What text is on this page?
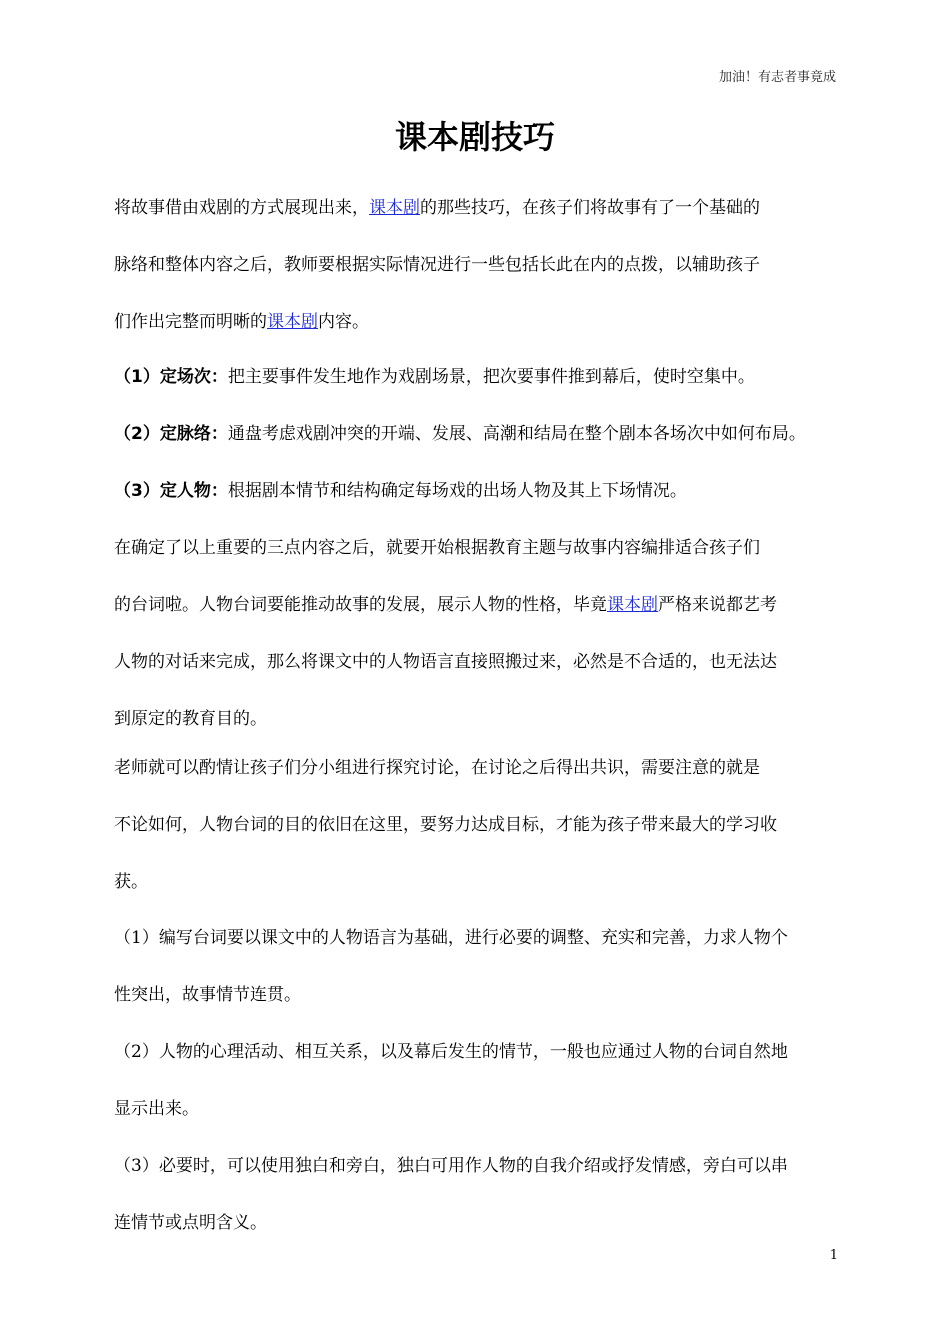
加油！有志者事竟成
课本剧技巧
将故事借由戏剧的方式展现出来，课本剧的那些技巧，在孩子们将故事有了一个基础的
脉络和整体内容之后，教师要根据实际情况进行一些包括长此在内的点拨，以辅助孩子
们作出完整而明晰的课本剧内容。
（1）定场次：把主要事件发生地作为戏剧场景，把次要事件推到幕后，使时空集中。
（2）定脉络：通盘考虑戏剧冲突的开端、发展、高潮和结局在整个剧本各场次中如何布局。
（3）定人物：根据剧本情节和结构确定每场戏的出场人物及其上下场情况。
在确定了以上重要的三点内容之后，就要开始根据教育主题与故事内容编排适合孩子们
的台词啦。人物台词要能推动故事的发展，展示人物的性格，毕竟课本剧严格来说都艺考
人物的对话来完成，那么将课文中的人物语言直接照搬过来，必然是不合适的，也无法达
到原定的教育目的。
老师就可以酌情让孩子们分小组进行探究讨论，在讨论之后得出共识，需要注意的就是
不论如何，人物台词的目的依旧在这里，要努力达成目标，才能为孩子带来最大的学习收
获。
（1）编写台词要以课文中的人物语言为基础，进行必要的调整、充实和完善，力求人物个
性突出，故事情节连贯。
（2）人物的心理活动、相互关系，以及幕后发生的情节，一般也应通过人物的台词自然地
显示出来。
（3）必要时，可以使用独白和旁白，独白可用作人物的自我介绍或抒发情感，旁白可以串
连情节或点明含义。
1
